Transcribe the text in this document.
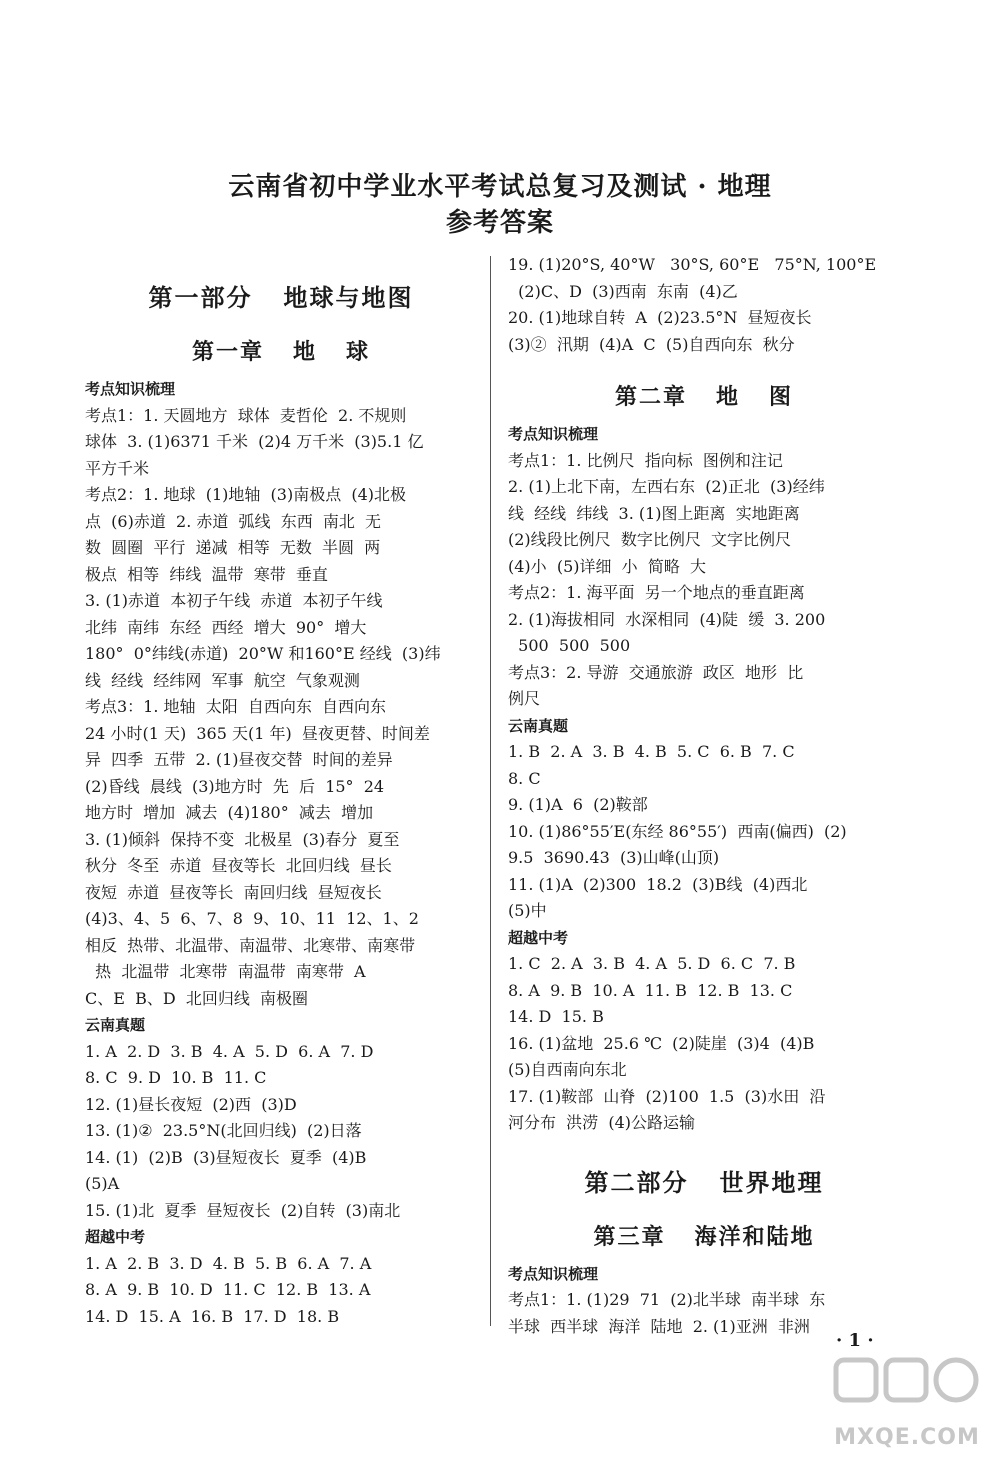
云南省初中学业水平考试总复习及测试 · 地理
参考答案
第一部分   地球与地图
第一章   地   球
考点知识梳理
考点1：1. 天圆地方  球体  麦哲伦  2. 不规则
球体  3. (1)6371 千米  (2)4 万千米  (3)5.1 亿
平方千米
考点2：1. 地球  (1)地轴  (3)南极点  (4)北极
点  (6)赤道  2. 赤道  弧线  东西  南北  无
数  圆圈  平行  递减  相等  无数  半圆  两
极点  相等  纬线  温带  寒带  垂直
3. (1)赤道  本初子午线  赤道  本初子午线
北纬  南纬  东经  西经  增大  90°  增大
180°  0°纬线(赤道)  20°W 和160°E 经线  (3)纬
线  经线  经纬网  军事  航空  气象观测
考点3：1. 地轴  太阳  自西向东  自西向东
24 小时(1 天)  365 天(1 年)  昼夜更替、时间差
异  四季  五带  2. (1)昼夜交替  时间的差异
(2)昏线  晨线  (3)地方时  先  后  15°  24
地方时  增加  减去  (4)180°  减去  增加
3. (1)倾斜  保持不变  北极星  (3)春分  夏至
秋分  冬至  赤道  昼夜等长  北回归线  昼长
夜短  赤道  昼夜等长  南回归线  昼短夜长
(4)3、4、5  6、7、8  9、10、11  12、1、2
相反  热带、北温带、南温带、北寒带、南寒带
热  北温带  北寒带  南温带  南寒带  A
C、E  B、D  北回归线  南极圈
云南真题
1. A  2. D  3. B  4. A  5. D  6. A  7. D
8. C  9. D  10. B  11. C
12. (1)昼长夜短  (2)西  (3)D
13. (1)②  23.5°N(北回归线)  (2)日落
14. (1)  (2)B  (3)昼短夜长  夏季  (4)B
(5)A
15. (1)北  夏季  昼短夜长  (2)自转  (3)南北
超越中考
1. A  2. B  3. D  4. B  5. B  6. A  7. A
8. A  9. B  10. D  11. C  12. B  13. A
14. D  15. A  16. B  17. D  18. B
19. (1)20°S, 40°W   30°S, 60°E   75°N, 100°E
(2)C、D  (3)西南  东南  (4)乙
20. (1)地球自转  A  (2)23.5°N  昼短夜长
(3)②  汛期  (4)A  C  (5)自西向东  秋分
第二章   地   图
考点知识梳理
考点1：1. 比例尺  指向标  图例和注记
2. (1)上北下南，左西右东  (2)正北  (3)经纬
线  经线  纬线  3. (1)图上距离  实地距离
(2)线段比例尺  数字比例尺  文字比例尺
(4)小  (5)详细  小  简略  大
考点2：1. 海平面  另一个地点的垂直距离
2. (1)海拔相同  水深相同  (4)陡  缓  3. 200
500  500  500
考点3：2. 导游  交通旅游  政区  地形  比
例尺
云南真题
1. B  2. A  3. B  4. B  5. C  6. B  7. C
8. C
9. (1)A  6  (2)鞍部
10. (1)86°55′E(东经 86°55′)  西南(偏西)  (2)
9.5  3690.43  (3)山峰(山顶)
11. (1)A  (2)300  18.2  (3)B线  (4)西北
(5)中
超越中考
1. C  2. A  3. B  4. A  5. D  6. C  7. B
8. A  9. B  10. A  11. B  12. B  13. C
14. D  15. B
16. (1)盆地  25.6 ℃  (2)陡崖  (3)4  (4)B
(5)自西南向东北
17. (1)鞍部  山脊  (2)100  1.5  (3)水田  沿
河分布  洪涝  (4)公路运输
第二部分   世界地理
第三章   海洋和陆地
考点知识梳理
考点1：1. (1)29  71  (2)北半球  南半球  东
半球  西半球  海洋  陆地  2. (1)亚洲  非洲
· 1 ·
MXQE.COM
